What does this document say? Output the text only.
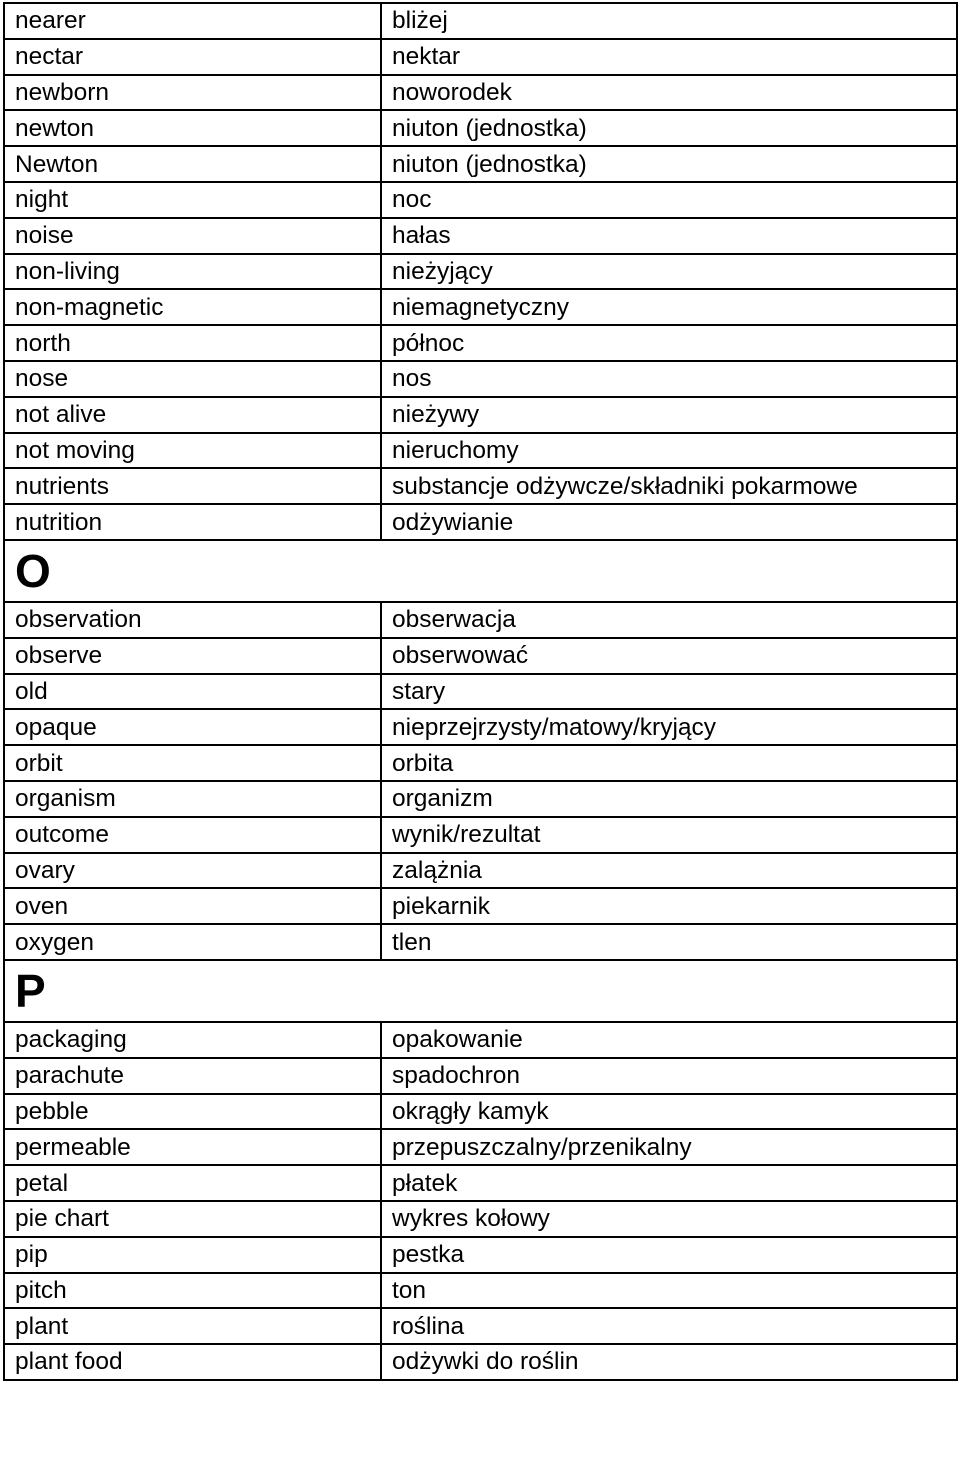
nearer	bliżej
nectar	nektar
newborn	noworodek
newton	niuton (jednostka)
Newton	niuton (jednostka)
night	noc
noise	hałas
non-living	nieżyjący
non-magnetic	niemagnetyczny
north	północ
nose	nos
not alive	nieżywy
not moving	nieruchomy
nutrients	substancje odżywcze/składniki pokarmowe
nutrition	odżywianie
O	
observation	obserwacja
observe	obserwować
old	stary
opaque	nieprzejrzysty/matowy/kryjący
orbit	orbita
organism	organizm
outcome	wynik/rezultat
ovary	zalążnia
oven	piekarnik
oxygen	tlen
P	
packaging	opakowanie
parachute	spadochron
pebble	okrągły kamyk
permeable	przepuszczalny/przenikalny
petal	płatek
pie chart	wykres kołowy
pip	pestka
pitch	ton
plant	roślina
plant food	odżywki do roślin
